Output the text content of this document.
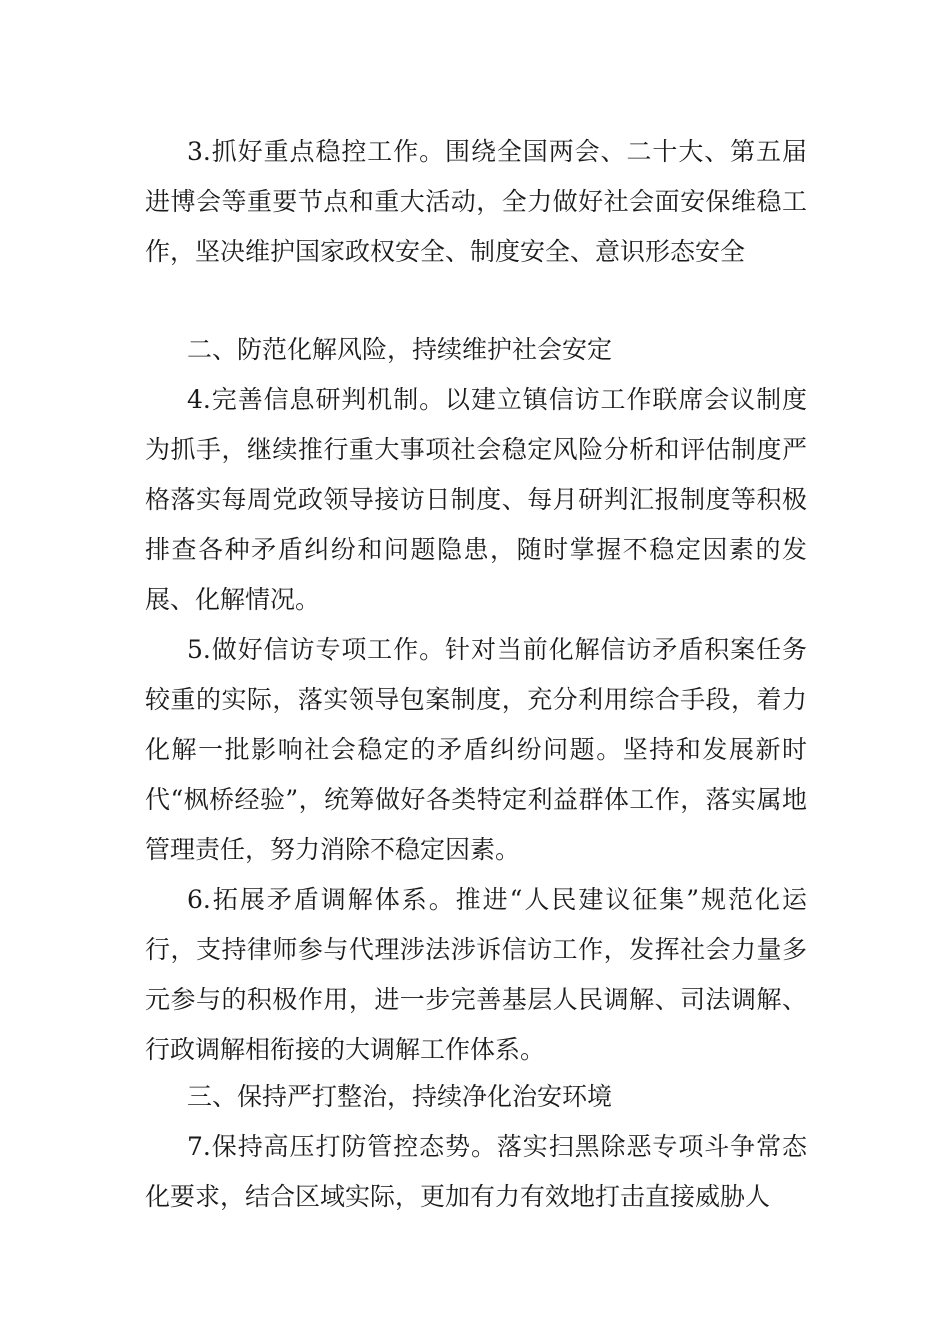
3.抓好重点稳控工作。围绕全国两会、二十大、第五届进博会等重要节点和重大活动，全力做好社会面安保维稳工作，坚决维护国家政权安全、制度安全、意识形态安全

二、防范化解风险，持续维护社会安定

4.完善信息研判机制。以建立镇信访工作联席会议制度为抓手，继续推行重大事项社会稳定风险分析和评估制度严格落实每周党政领导接访日制度、每月研判汇报制度等积极排查各种矛盾纠纷和问题隐患，随时掌握不稳定因素的发展、化解情况。

5.做好信访专项工作。针对当前化解信访矛盾积案任务较重的实际，落实领导包案制度，充分利用综合手段，着力化解一批影响社会稳定的矛盾纠纷问题。坚持和发展新时代“枫桥经验”，统筹做好各类特定利益群体工作，落实属地管理责任，努力消除不稳定因素。

6.拓展矛盾调解体系。推进“人民建议征集”规范化运行，支持律师参与代理涉法涉诉信访工作，发挥社会力量多元参与的积极作用，进一步完善基层人民调解、司法调解、行政调解相衔接的大调解工作体系。

三、保持严打整治，持续净化治安环境

7.保持高压打防管控态势。落实扫黑除恶专项斗争常态化要求，结合区域实际，更加有力有效地打击直接威胁人
